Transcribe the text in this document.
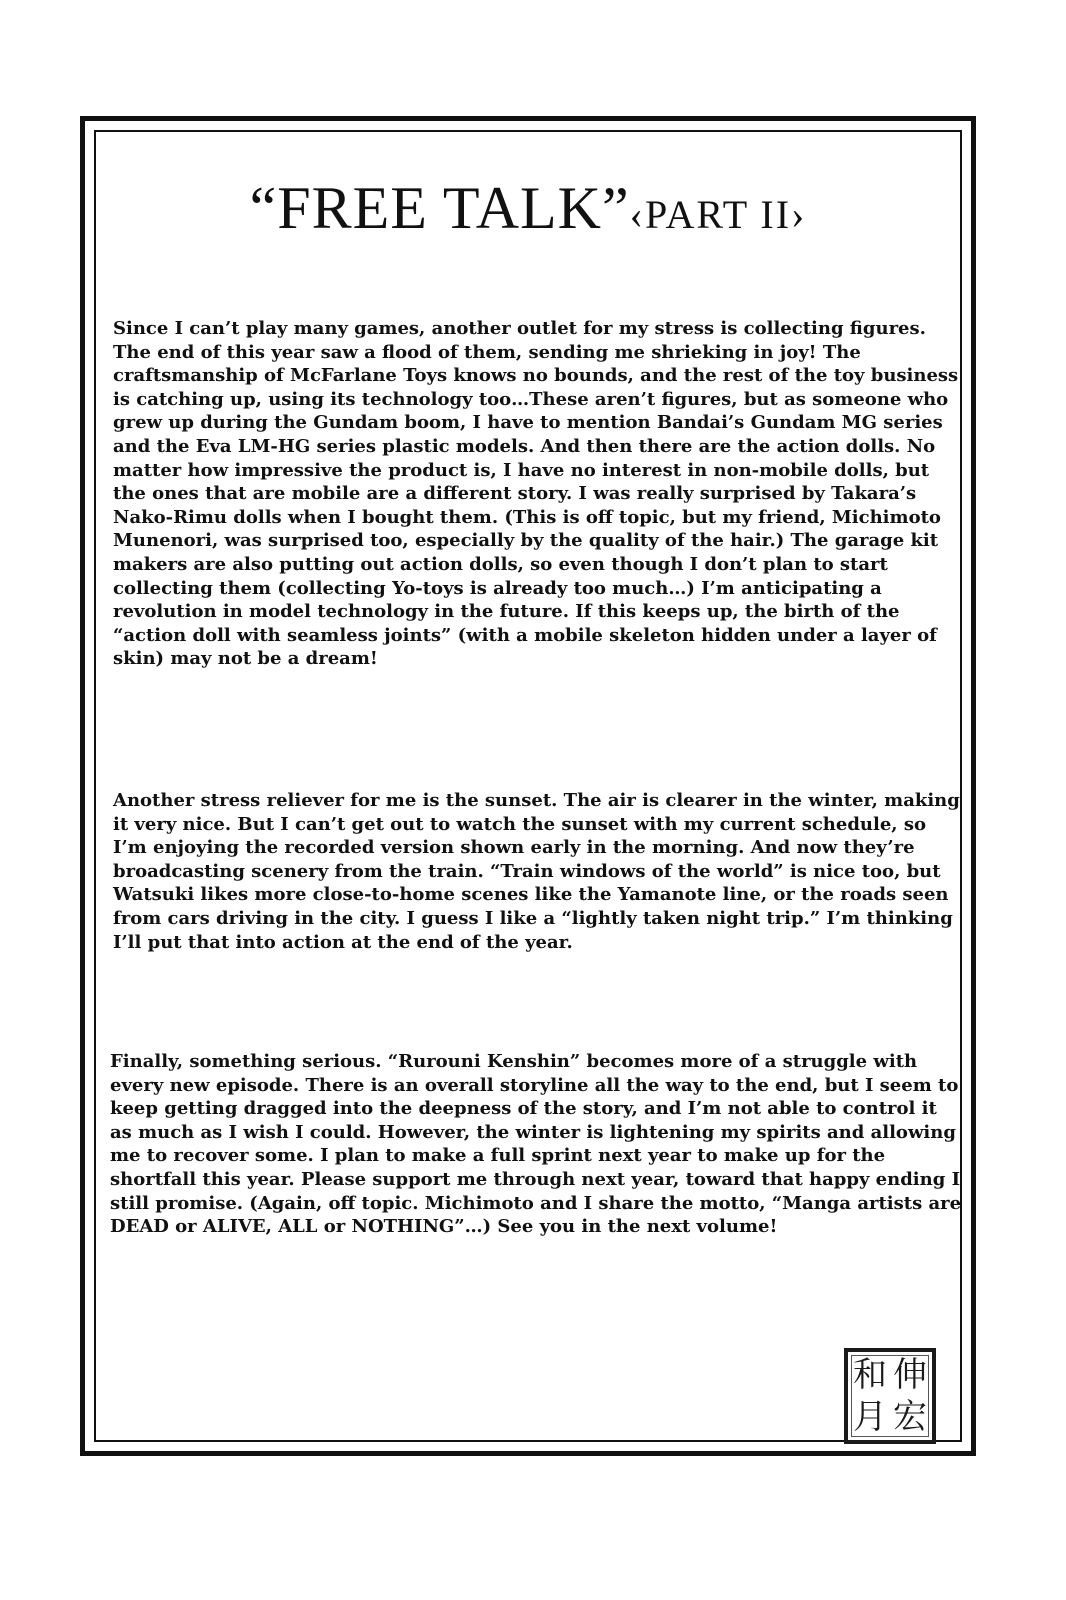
“FREE TALK”‹PART II›

Since I can’t play many games, another outlet for my stress is collecting figures. The end of this year saw a flood of them, sending me shrieking in joy! The craftsmanship of McFarlane Toys knows no bounds, and the rest of the toy business is catching up, using its technology too…These aren’t figures, but as someone who grew up during the Gundam boom, I have to mention Bandai’s Gundam MG series and the Eva LM-HG series plastic models. And then there are the action dolls. No matter how impressive the product is, I have no interest in non-mobile dolls, but the ones that are mobile are a different story. I was really surprised by Takara’s Nako-Rimu dolls when I bought them. (This is off topic, but my friend, Michimoto Munenori, was surprised too, especially by the quality of the hair.) The garage kit makers are also putting out action dolls, so even though I don’t plan to start collecting them (collecting Yo-toys is already too much…) I’m anticipating a revolution in model technology in the future. If this keeps up, the birth of the “action doll with seamless joints” (with a mobile skeleton hidden under a layer of skin) may not be a dream!

Another stress reliever for me is the sunset. The air is clearer in the winter, making it very nice. But I can’t get out to watch the sunset with my current schedule, so I’m enjoying the recorded version shown early in the morning. And now they’re broadcasting scenery from the train. “Train windows of the world” is nice too, but Watsuki likes more close-to-home scenes like the Yamanote line, or the roads seen from cars driving in the city. I guess I like a “lightly taken night trip.” I’m thinking I’ll put that into action at the end of the year.

Finally, something serious. “Rurouni Kenshin” becomes more of a struggle with every new episode. There is an overall storyline all the way to the end, but I seem to keep getting dragged into the deepness of the story, and I’m not able to control it as much as I wish I could. However, the winter is lightening my spirits and allowing me to recover some. I plan to make a full sprint next year to make up for the shortfall this year. Please support me through next year, toward that happy ending I still promise. (Again, off topic. Michimoto and I share the motto, “Manga artists are DEAD or ALIVE, ALL or NOTHING”…) See you in the next volume!

和
月
伸
宏
